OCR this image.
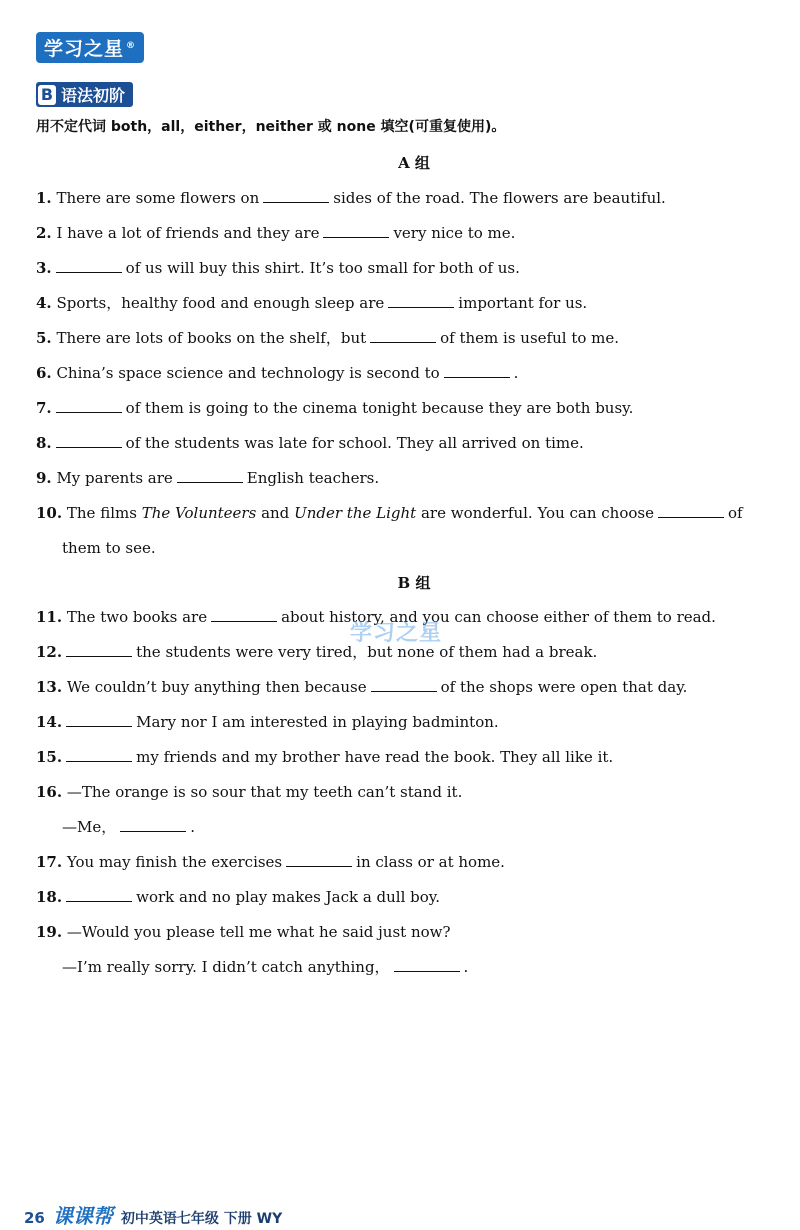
学习之星 ®
B 语法初阶
用不定代词 both，all，either，neither 或 none 填空(可重复使用)。
A 组
1. There are some flowers on	sides of the road. The flowers are beautiful.
2. I have a lot of friends and they are	very nice to me.
3.	of us will buy this shirt. It’s too small for both of us.
4. Sports，healthy food and enough sleep are	important for us.
5. There are lots of books on the shelf，but	of them is useful to me.
6. China’s space science and technology is second to	.
7.	of them is going to the cinema tonight because they are both busy.
8.	of the students was late for school. They all arrived on time.
9. My parents are	English teachers.
10. The films The Volunteers and Under the Light are wonderful. You can choose	of
them to see.
B 组
11. The two books are	about history, and you can choose either of them to read.
学习之星
12.	the students were very tired，but none of them had a break.
13. We couldn’t buy anything then because	of the shops were open that day.
14.	Mary nor I am interested in playing badminton.
15.	my friends and my brother have read the book. They all like it.
16. —The orange is so sour that my teeth can’t stand it.
—Me，	.
17. You may finish the exercises	in class or at home.
18.	work and no play makes Jack a dull boy.
19. —Would you please tell me what he said just now?
—I’m really sorry. I didn’t catch anything，	.
26 课课帮 初中英语七年级 下册 WY
